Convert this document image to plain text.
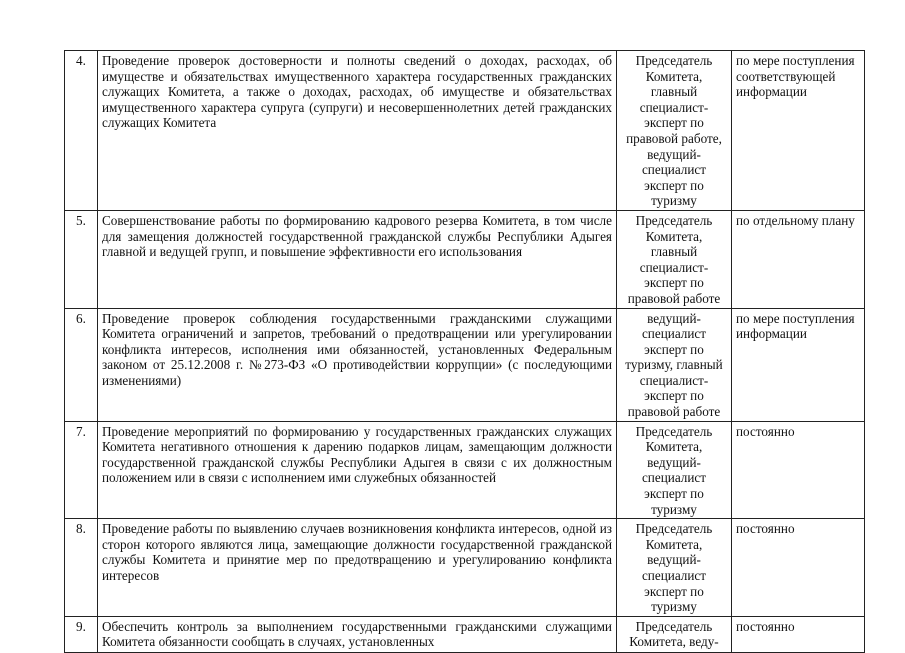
4.	Проведение проверок достоверности и полноты сведений о доходах, расходах, об имуществе и обязательствах имущественного характера государственных гражданских служащих Комитета, а также о доходах, расходах, об имуществе и обязательствах имущественного характера супруга (супруги) и несовершеннолетних детей гражданских служащих Комитета	Председатель Комитета, главный специалист-эксперт по правовой работе, ведущий-специалист эксперт по туризму	по мере поступления соответствующей информации
5.	Совершенствование работы по формированию кадрового резерва Комитета, в том числе для замещения должностей государственной гражданской службы Республики Адыгея главной и ведущей групп, и повышение эффективности его использования	Председатель Комитета, главный специалист-эксперт по правовой работе	по отдельному плану
6.	Проведение проверок соблюдения государственными гражданскими служащими Комитета ограничений и запретов, требований о предотвращении или урегулировании конфликта интересов, исполнения ими обязанностей, установленных Федеральным законом от 25.12.2008 г. №273-ФЗ «О противодействии коррупции» (с последующими изменениями)	ведущий-специалист эксперт по туризму, главный специалист-эксперт по правовой работе	по мере поступления информации
7.	Проведение мероприятий по формированию у государственных гражданских служащих Комитета негативного отношения к дарению подарков лицам, замещающим должности государственной гражданской службы Республики Адыгея в связи с их должностным положением или в связи с исполнением ими служебных обязанностей	Председатель Комитета, ведущий-специалист эксперт по туризму	постоянно
8.	Проведение работы по выявлению случаев возникновения конфликта интересов, одной из сторон которого являются лица, замещающие должности государственной гражданской службы Комитета и принятие мер по предотвращению и урегулированию конфликта интересов	Председатель Комитета, ведущий-специалист эксперт по туризму	постоянно
9.	Обеспечить контроль за выполнением государственными гражданскими служащими Комитета обязанности сообщать в случаях, установленных	Председатель Комитета, веду-	постоянно
